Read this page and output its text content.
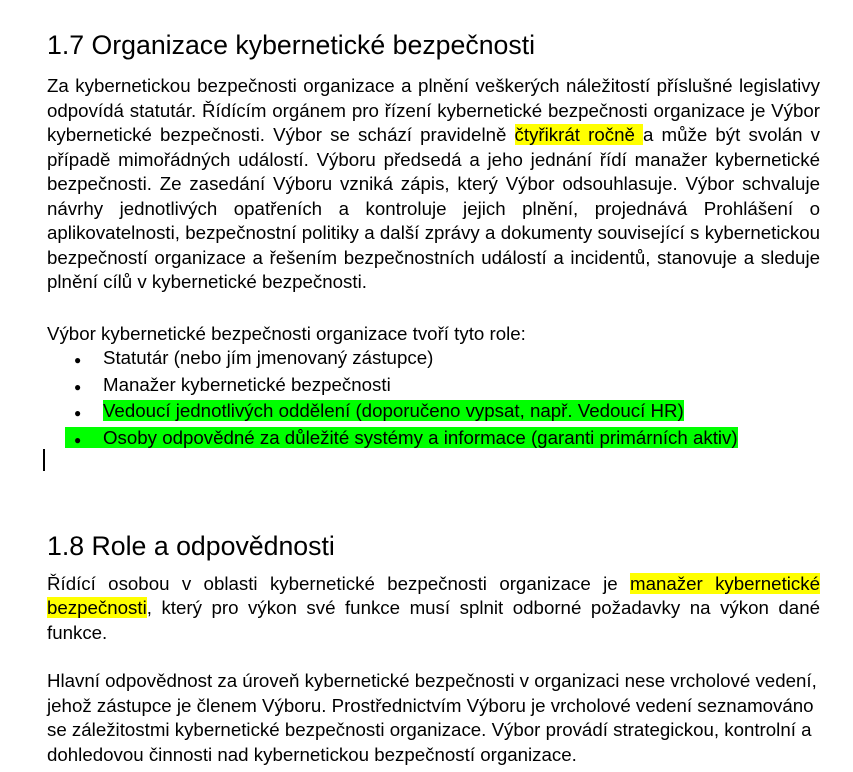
1.7 Organizace kybernetické bezpečnosti

Za kybernetickou bezpečnosti organizace a plnění veškerých náležitostí příslušné legislativy odpovídá statutár. Řídícím orgánem pro řízení kybernetické bezpečnosti organizace je Výbor kybernetické bezpečnosti. Výbor se schází pravidelně čtyřikrát ročně a může být svolán v případě mimořádných událostí. Výboru předsedá a jeho jednání řídí manažer kybernetické bezpečnosti. Ze zasedání Výboru vzniká zápis, který Výbor odsouhlasuje. Výbor schvaluje návrhy jednotlivých opatřeních a kontroluje jejich plnění, projednává Prohlášení o aplikovatelnosti, bezpečnostní politiky a další zprávy a dokumenty související s kybernetickou bezpečností organizace a řešením bezpečnostních událostí a incidentů, stanovuje a sleduje plnění cílů v kybernetické bezpečnosti.

Výbor kybernetické bezpečnosti organizace tvoří tyto role:

● Statutár (nebo jím jmenovaný zástupce)
● Manažer kybernetické bezpečnosti
● Vedoucí jednotlivých oddělení (doporučeno vypsat, např. Vedoucí HR)
● Osoby odpovědné za důležité systémy a informace (garanti primárních aktiv)
1.8 Role a odpovědnosti

Řídící osobou v oblasti kybernetické bezpečnosti organizace je manažer kybernetické bezpečnosti, který pro výkon své funkce musí splnit odborné požadavky na výkon dané funkce.

Hlavní odpovědnost za úroveň kybernetické bezpečnosti v organizaci nese vrcholové vedení, jehož zástupce je členem Výboru. Prostřednictvím Výboru je vrcholové vedení seznamováno se záležitostmi kybernetické bezpečnosti organizace. Výbor provádí strategickou, kontrolní a dohledovou činnosti nad kybernetickou bezpečností organizace.
